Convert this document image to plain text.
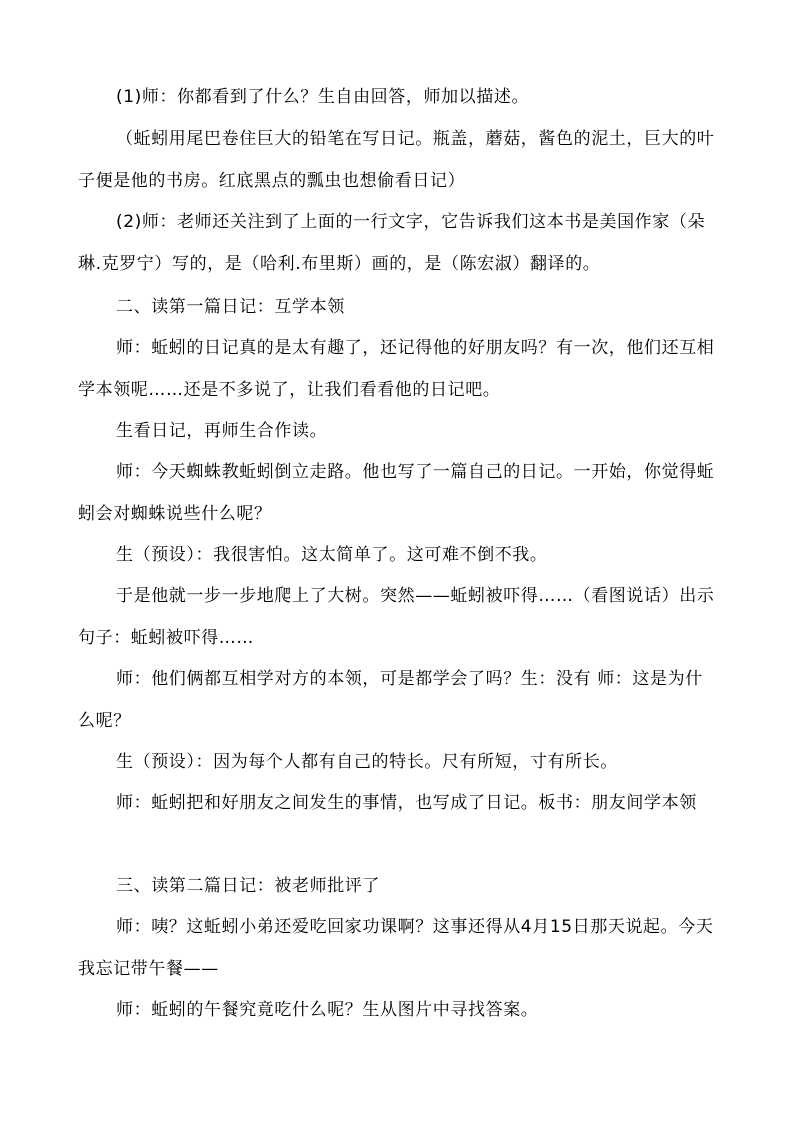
(1)师：你都看到了什么？生自由回答，师加以描述。

（蚯蚓用尾巴卷住巨大的铅笔在写日记。瓶盖，蘑菇，酱色的泥土，巨大的叶子便是他的书房。红底黑点的瓢虫也想偷看日记）

(2)师：老师还关注到了上面的一行文字，它告诉我们这本书是美国作家（朵琳.克罗宁）写的，是（哈利.布里斯）画的，是（陈宏淑）翻译的。

二、读第一篇日记：互学本领

师：蚯蚓的日记真的是太有趣了，还记得他的好朋友吗？有一次，他们还互相学本领呢……还是不多说了，让我们看看他的日记吧。

生看日记，再师生合作读。

师：今天蜘蛛教蚯蚓倒立走路。他也写了一篇自己的日记。一开始，你觉得蚯蚓会对蜘蛛说些什么呢？

生（预设）：我很害怕。这太简单了。这可难不倒不我。

于是他就一步一步地爬上了大树。突然——蚯蚓被吓得……（看图说话）出示句子：蚯蚓被吓得……

师：他们俩都互相学对方的本领，可是都学会了吗？生：没有 师：这是为什么呢？

生（预设）：因为每个人都有自己的特长。尺有所短，寸有所长。

师：蚯蚓把和好朋友之间发生的事情，也写成了日记。板书：朋友间学本领

三、读第二篇日记：被老师批评了

师：咦？这蚯蚓小弟还爱吃回家功课啊？这事还得从4月15日那天说起。今天我忘记带午餐——

师：蚯蚓的午餐究竟吃什么呢？生从图片中寻找答案。
